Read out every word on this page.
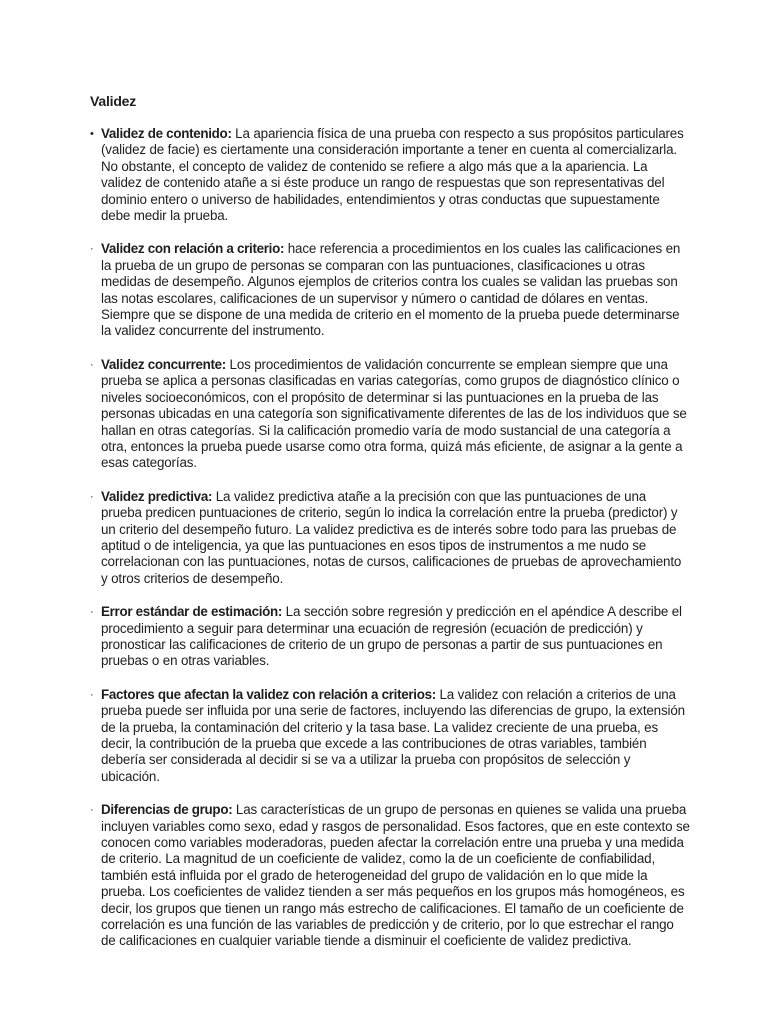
Validez
• Validez de contenido: La apariencia física de una prueba con respecto a sus propósitos particulares (validez de facie) es ciertamente una consideración importante a tener en cuenta al comercializarla. No obstante, el concepto de validez de contenido se refiere a algo más que a la apariencia. La validez de contenido atañe a si éste produce un rango de respuestas que son representativas del dominio entero o universo de habilidades, entendimientos y otras conductas que supuestamente debe medir la prueba.
· Validez con relación a criterio: hace referencia a procedimientos en los cuales las calificaciones en la prueba de un grupo de personas se comparan con las puntuaciones, clasificaciones u otras medidas de desempeño. Algunos ejemplos de criterios contra los cuales se validan las pruebas son las notas escolares, calificaciones de un supervisor y número o cantidad de dólares en ventas. Siempre que se dispone de una medida de criterio en el momento de la prueba puede determinarse la validez concurrente del instrumento.
· Validez concurrente: Los procedimientos de validación concurrente se emplean siempre que una prueba se aplica a personas clasificadas en varias categorías, como grupos de diagnóstico clínico o niveles socioeconómicos, con el propósito de determinar si las puntuaciones en la prueba de las personas ubicadas en una categoría son significativamente diferentes de las de los individuos que se hallan en otras categorías. Si la calificación promedio varía de modo sustancial de una categoría a otra, entonces la prueba puede usarse como otra forma, quizá más eficiente, de asignar a la gente a esas categorías.
· Validez predictiva: La validez predictiva atañe a la precisión con que las puntuaciones de una prueba predicen puntuaciones de criterio, según lo indica la correlación entre la prueba (predictor) y un criterio del desempeño futuro. La validez predictiva es de interés sobre todo para las pruebas de aptitud o de inteligencia, ya que las puntuaciones en esos tipos de instrumentos a me nudo se correlacionan con las puntuaciones, notas de cursos, calificaciones de pruebas de aprovechamiento y otros criterios de desempeño.
· Error estándar de estimación: La sección sobre regresión y predicción en el apéndice A describe el procedimiento a seguir para determinar una ecuación de regresión (ecuación de predicción) y pronosticar las calificaciones de criterio de un grupo de personas a partir de sus puntuaciones en pruebas o en otras variables.
· Factores que afectan la validez con relación a criterios: La validez con relación a criterios de una prueba puede ser influida por una serie de factores, incluyendo las diferencias de grupo, la extensión de la prueba, la contaminación del criterio y la tasa base. La validez creciente de una prueba, es decir, la contribución de la prueba que excede a las contribuciones de otras variables, también debería ser considerada al decidir si se va a utilizar la prueba con propósitos de selección y ubicación.
· Diferencias de grupo: Las características de un grupo de personas en quienes se valida una prueba incluyen variables como sexo, edad y rasgos de personalidad. Esos factores, que en este contexto se conocen como variables moderadoras, pueden afectar la correlación entre una prueba y una medida de criterio. La magnitud de un coeficiente de validez, como la de un coeficiente de confiabilidad, también está influida por el grado de heterogeneidad del grupo de validación en lo que mide la prueba. Los coeficientes de validez tienden a ser más pequeños en los grupos más homogéneos, es decir, los grupos que tienen un rango más estrecho de calificaciones. El tamaño de un coeficiente de correlación es una función de las variables de predicción y de criterio, por lo que estrechar el rango de calificaciones en cualquier variable tiende a disminuir el coeficiente de validez predictiva.
